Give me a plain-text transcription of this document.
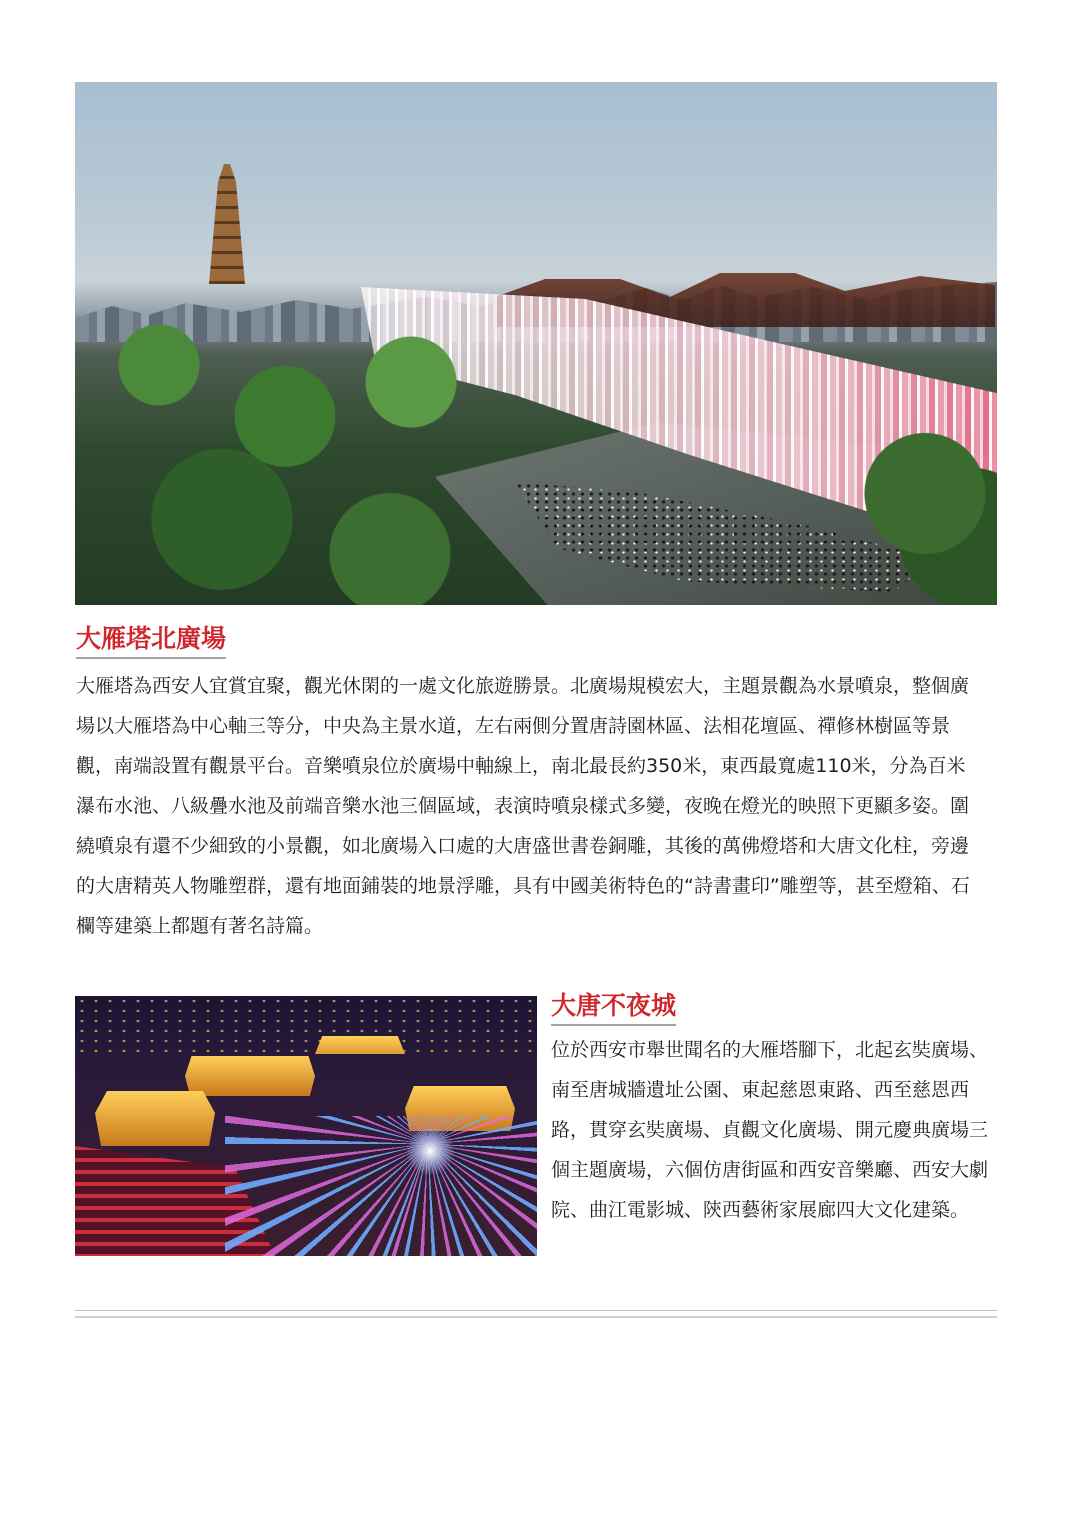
大雁塔北廣場

大雁塔為西安人宜賞宜聚，觀光休閑的一處文化旅遊勝景。北廣場規模宏大，主題景觀為水景噴泉，整個廣場以大雁塔為中心軸三等分，中央為主景水道，左右兩側分置唐詩園林區、法相花壇區、禪修林樹區等景觀，南端設置有觀景平台。音樂噴泉位於廣場中軸線上，南北最長約350米，東西最寬處110米，分為百米瀑布水池、八級疊水池及前端音樂水池三個區域，表演時噴泉樣式多變，夜晚在燈光的映照下更顯多姿。圍繞噴泉有還不少細致的小景觀，如北廣場入口處的大唐盛世書卷銅雕，其後的萬佛燈塔和大唐文化柱，旁邊的大唐精英人物雕塑群，還有地面鋪裝的地景浮雕，具有中國美術特色的“詩書畫印”雕塑等，甚至燈箱、石欄等建築上都題有著名詩篇。

大唐不夜城

位於西安市舉世聞名的大雁塔腳下，北起玄奘廣場、南至唐城牆遺址公園、東起慈恩東路、西至慈恩西路，貫穿玄奘廣場、貞觀文化廣場、開元慶典廣場三個主題廣場，六個仿唐街區和西安音樂廳、西安大劇院、曲江電影城、陝西藝術家展廊四大文化建築。
